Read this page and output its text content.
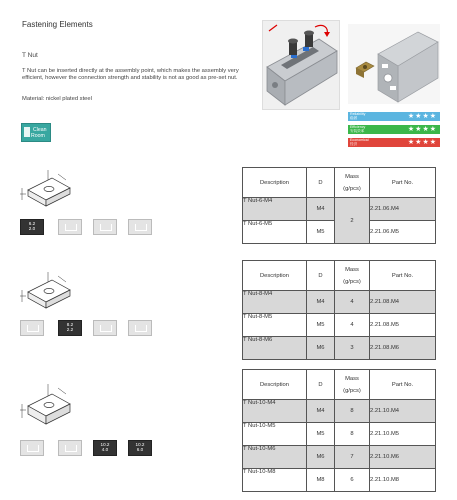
Fastening Elements
T Nut
T Nut can be inserted directly at the assembly point, which makes the assembly very efficient, however the connection strength and stability is not as good as pre-set nut.
Material: nickel plated steel
Clean
Room
Reliability
稳固	★★★★
Efficiency
安装效率	★★★★
Economical
经济	★★★★
6.2
2.0
8.2
2.2
10.2
4.0
10.2
6.0
Description	D	Mass
(g/pcs)	Part No.
T Nut-6-M4	M4	2	2.21.06.M4
T Nut-6-M5	M5		2.21.06.M5
Description	D	Mass
(g/pcs)	Part No.
T Nut-8-M4	M4	4	2.21.08.M4
T Nut-8-M5	M5	4	2.21.08.M5
T Nut-8-M6	M6	3	2.21.08.M6
Description	D	Mass
(g/pcs)	Part No.
T Nut-10-M4	M4	8	2.21.10.M4
T Nut-10-M5	M5	8	2.21.10.M5
T Nut-10-M6	M6	7	2.21.10.M6
T Nut-10-M8	M8	6	2.21.10.M8
